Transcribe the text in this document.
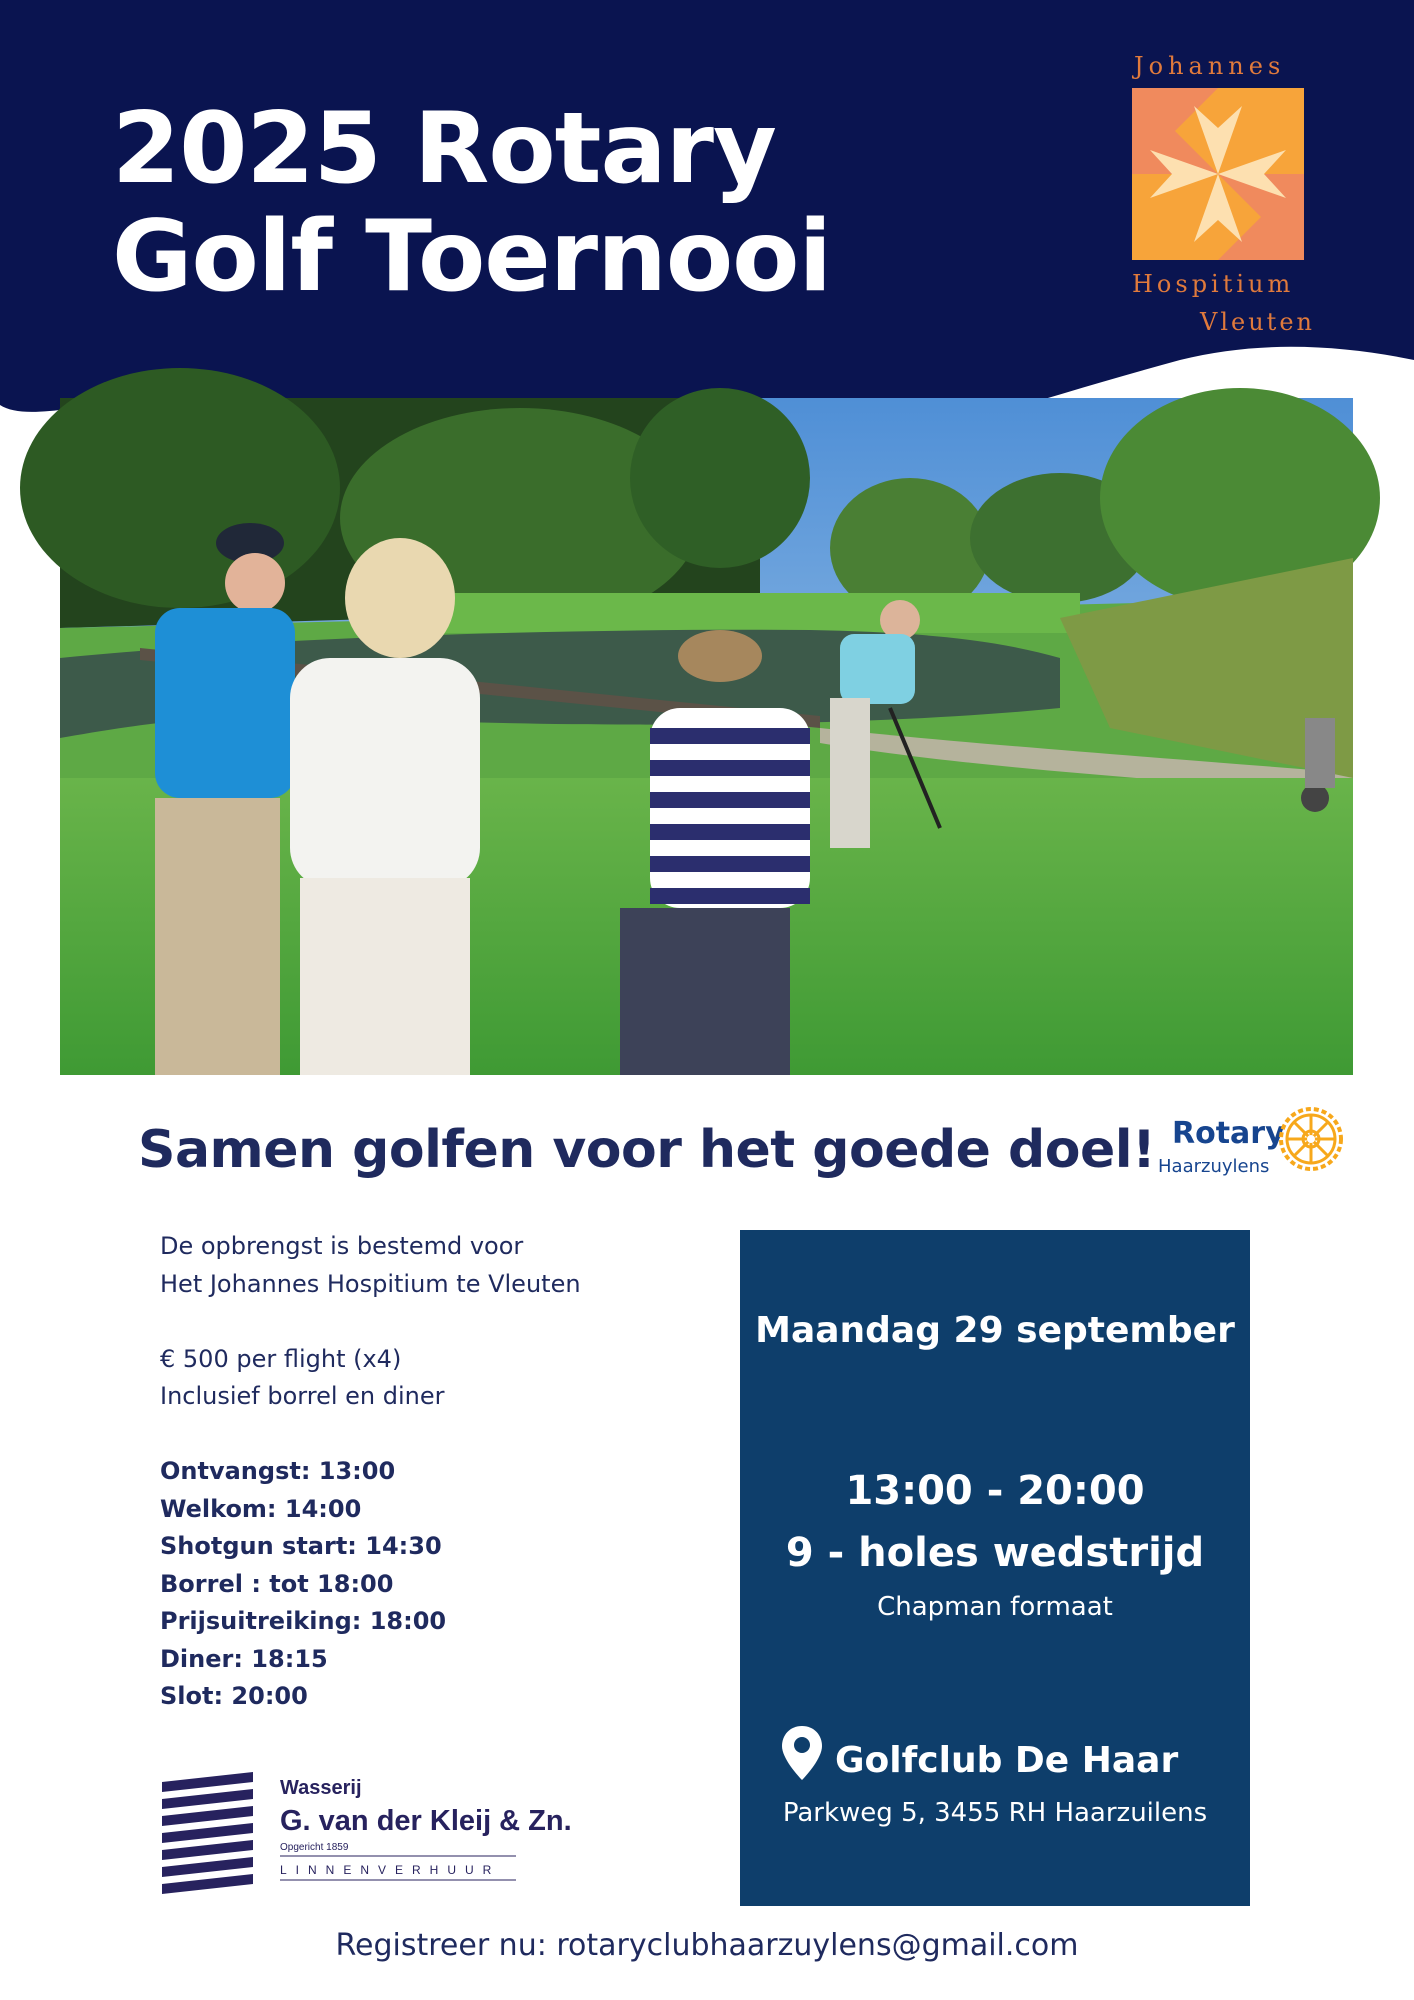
2025 Rotary
Golf Toernooi
Johannes
Hospitium
Vleuten
Samen golfen voor het goede doel! Rotary
Haarzuylens
De opbrengst is bestemd voor
Het Johannes Hospitium te Vleuten
€ 500 per flight (x4)
Inclusief borrel en diner
Ontvangst: 13:00
Welkom: 14:00
Shotgun start: 14:30
Borrel : tot 18:00
Prijsuitreiking: 18:00
Diner: 18:15
Slot: 20:00
Maandag 29 september
13:00 - 20:00
9 - holes wedstrijd
Chapman formaat
Golfclub De Haar
Parkweg 5, 3455 RH Haarzuilens
Wasserij
G. van der Kleij & Zn.
Opgericht 1859
LINNENVERHUUR
Registreer nu: rotaryclubhaarzuylens@gmail.com
